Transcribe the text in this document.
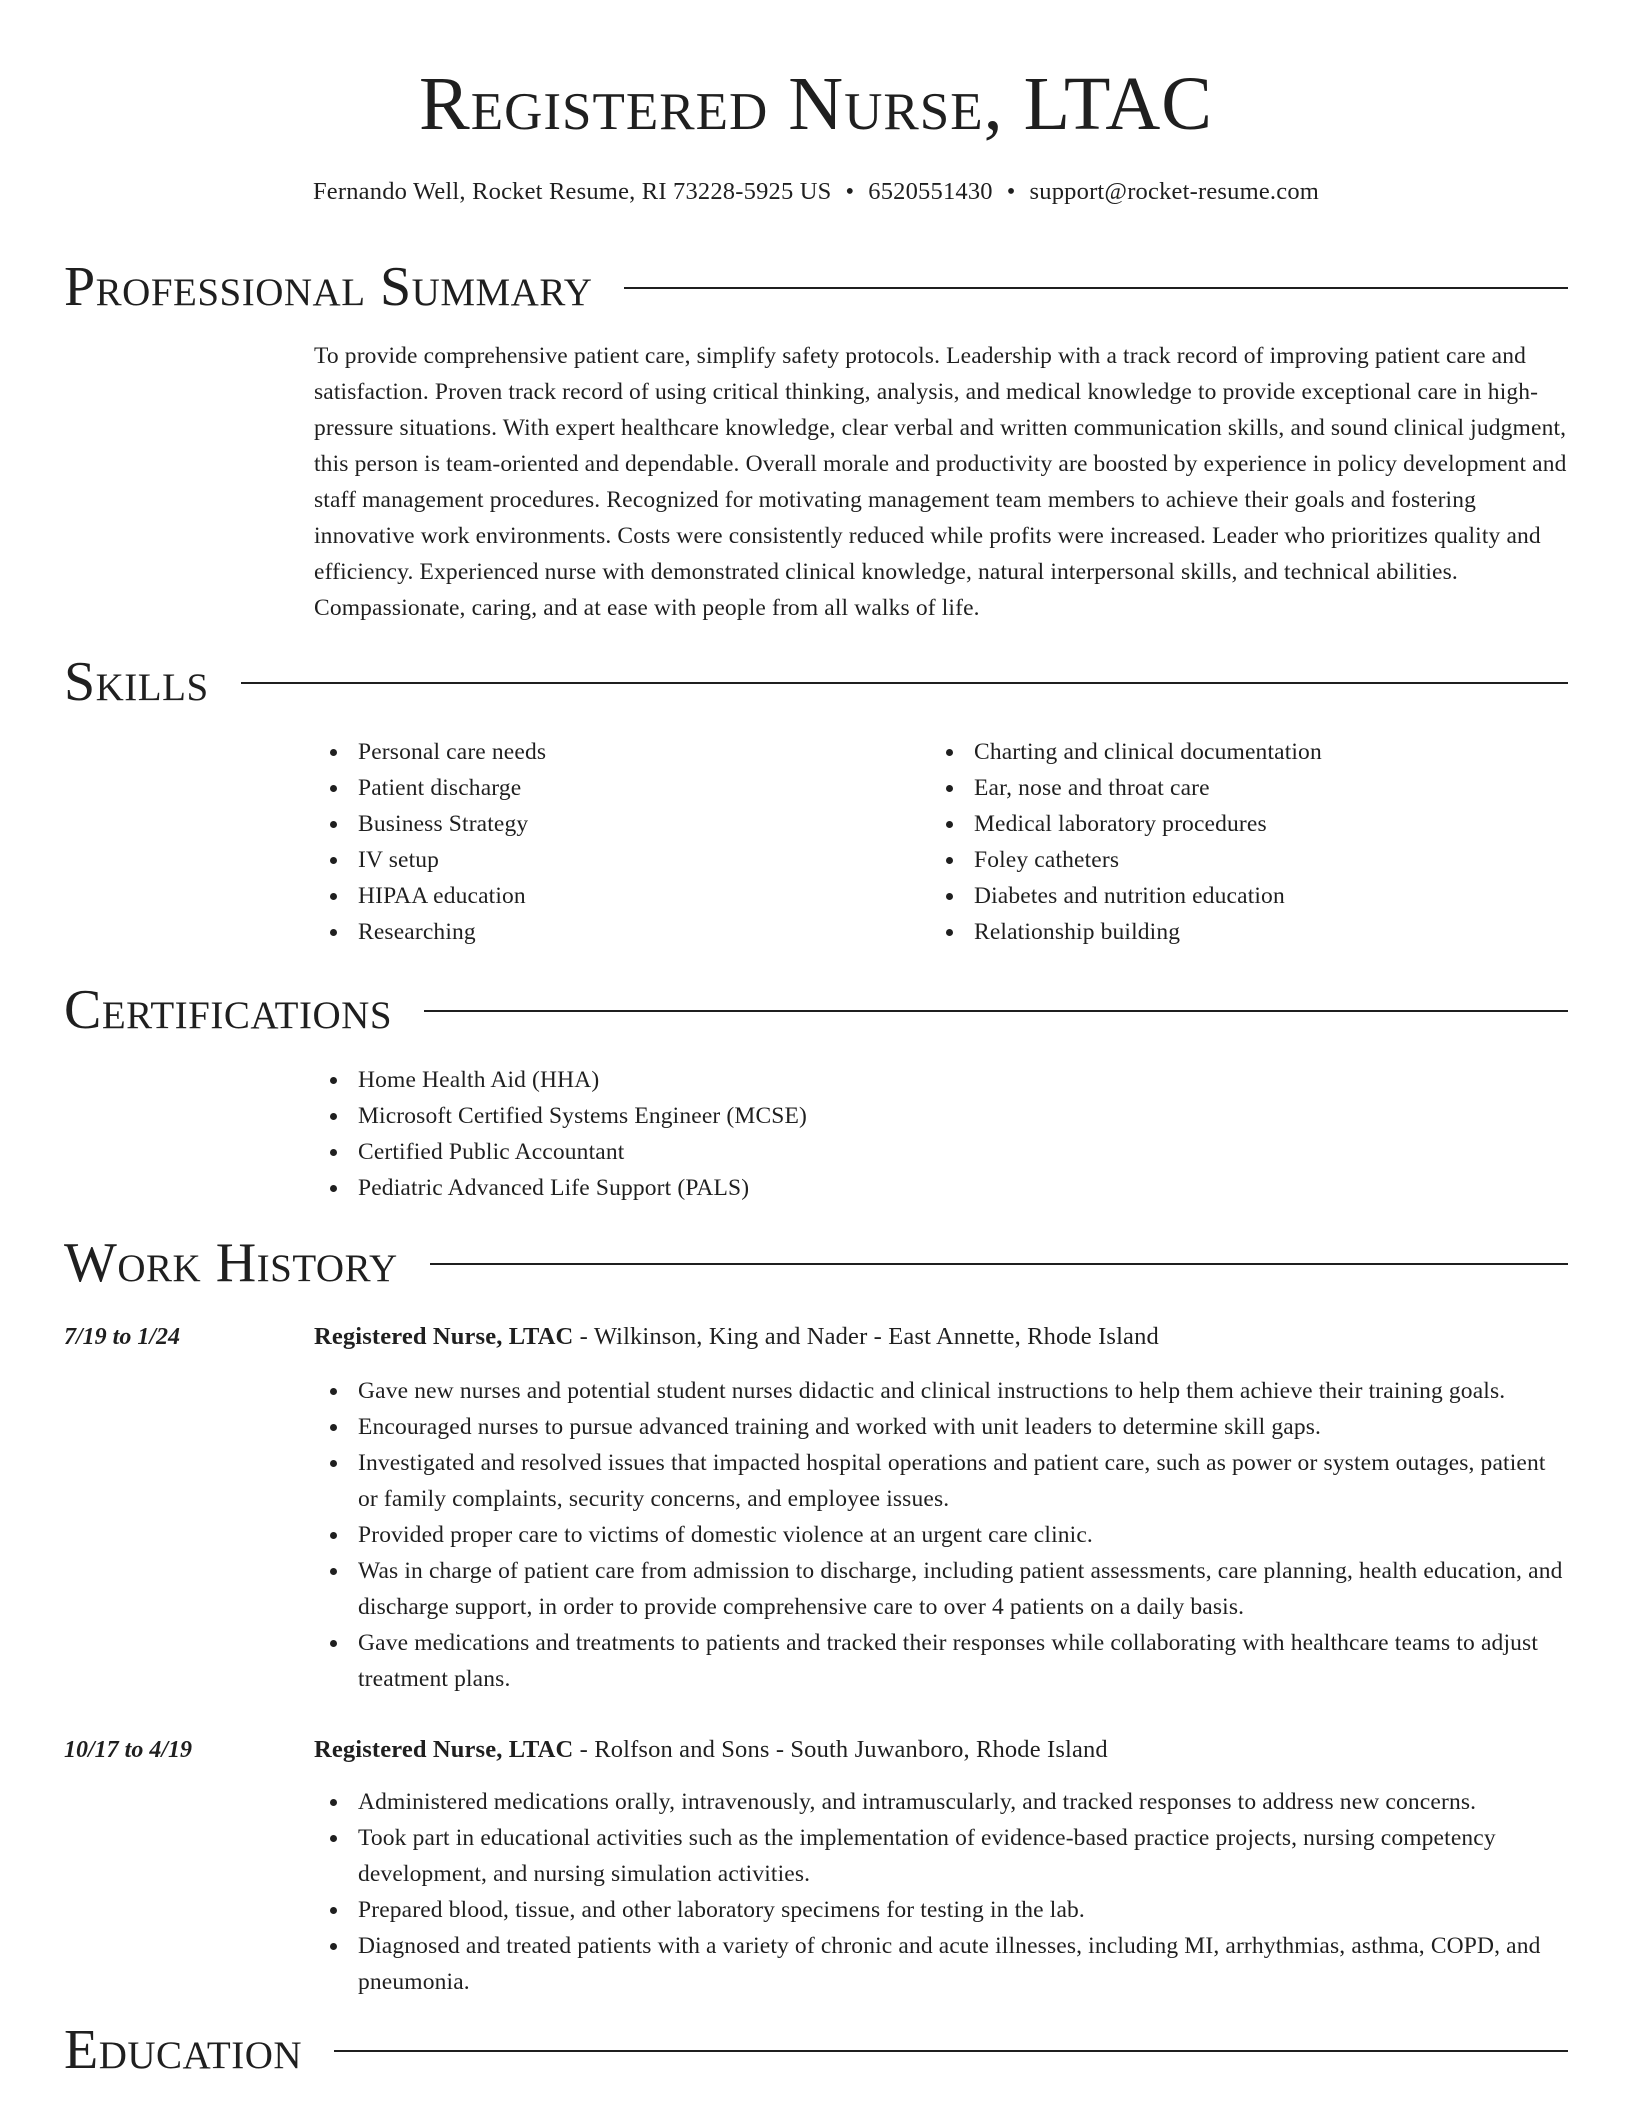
Registered Nurse, LTAC
Fernando Well, Rocket Resume, RI 73228-5925 US • 6520551430 • support@rocket-resume.com
Professional Summary

To provide comprehensive patient care, simplify safety protocols. Leadership with a track record of improving patient care and satisfaction. Proven track record of using critical thinking, analysis, and medical knowledge to provide exceptional care in high-pressure situations. With expert healthcare knowledge, clear verbal and written communication skills, and sound clinical judgment, this person is team-oriented and dependable. Overall morale and productivity are boosted by experience in policy development and staff management procedures. Recognized for motivating management team members to achieve their goals and fostering innovative work environments. Costs were consistently reduced while profits were increased. Leader who prioritizes quality and efficiency. Experienced nurse with demonstrated clinical knowledge, natural interpersonal skills, and technical abilities. Compassionate, caring, and at ease with people from all walks of life.

Skills
Personal care needs
Patient discharge
Business Strategy
IV setup
HIPAA education
Researching
Charting and clinical documentation
Ear, nose and throat care
Medical laboratory procedures
Foley catheters
Diabetes and nutrition education
Relationship building
Certifications
Home Health Aid (HHA)
Microsoft Certified Systems Engineer (MCSE)
Certified Public Accountant
Pediatric Advanced Life Support (PALS)
Work History
7/19 to 1/24	Registered Nurse, LTAC - Wilkinson, King and Nader - East Annette, Rhode Island
Gave new nurses and potential student nurses didactic and clinical instructions to help them achieve their training goals.
Encouraged nurses to pursue advanced training and worked with unit leaders to determine skill gaps.
Investigated and resolved issues that impacted hospital operations and patient care, such as power or system outages, patient or family complaints, security concerns, and employee issues.
Provided proper care to victims of domestic violence at an urgent care clinic.
Was in charge of patient care from admission to discharge, including patient assessments, care planning, health education, and discharge support, in order to provide comprehensive care to over 4 patients on a daily basis.
Gave medications and treatments to patients and tracked their responses while collaborating with healthcare teams to adjust treatment plans.
10/17 to 4/19	Registered Nurse, LTAC - Rolfson and Sons - South Juwanboro, Rhode Island
Administered medications orally, intravenously, and intramuscularly, and tracked responses to address new concerns.
Took part in educational activities such as the implementation of evidence-based practice projects, nursing competency development, and nursing simulation activities.
Prepared blood, tissue, and other laboratory specimens for testing in the lab.
Diagnosed and treated patients with a variety of chronic and acute illnesses, including MI, arrhythmias, asthma, COPD, and pneumonia.
Education
